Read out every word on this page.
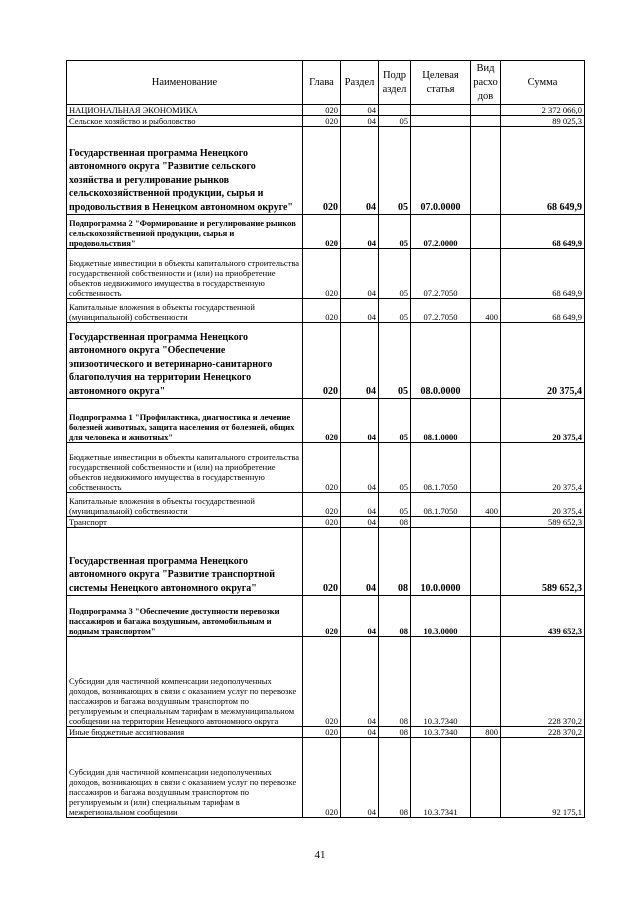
Наименование	Глава	Раздел	Подр аздел	Целевая статья	Вид расхо дов	Сумма
НАЦИОНАЛЬНАЯ ЭКОНОМИКА	020	04				2 372 066,0
Сельское хозяйство и рыболовство	020	04	05			89 025,3
Государственная программа Ненецкого автономного округа "Развитие сельского хозяйства и регулирование рынков сельскохозяйственной продукции, сырья и продовольствия в Ненецком автономном округе"	020	04	05	07.0.0000		68 649,9
Подпрограмма 2 "Формирование и регулирование рынков сельскохозяйственной продукции, сырья и продовольствия"	020	04	05	07.2.0000		68 649,9
Бюджетные инвестиции в объекты капитального строительства государственной собственности и (или) на приобретение объектов недвижимого имущества в государственную собственность	020	04	05	07.2.7050		68 649,9
Капитальные вложения в объекты государственной (муниципальной) собственности	020	04	05	07.2.7050	400	68 649,9
Государственная программа Ненецкого автономного округа "Обеспечение эпизоотического и ветеринарно-санитарного благополучия на территории Ненецкого автономного округа"	020	04	05	08.0.0000		20 375,4
Подпрограмма 1 "Профилактика, диагностика и лечение болезней животных, защита населения от болезней, общих для человека и животных"	020	04	05	08.1.0000		20 375,4
Бюджетные инвестиции в объекты капитального строительства государственной собственности и (или) на приобретение объектов недвижимого имущества в государственную собственность	020	04	05	08.1.7050		20 375,4
Капитальные вложения в объекты государственной (муниципальной) собственности	020	04	05	08.1.7050	400	20 375,4
Транспорт	020	04	08			589 652,3
Государственная программа Ненецкого автономного округа "Развитие транспортной системы Ненецкого автономного округа"	020	04	08	10.0.0000		589 652,3
Подпрограмма 3 "Обеспечение доступности перевозки пассажиров и багажа воздушным, автомобильным и водным транспортом"	020	04	08	10.3.0000		439 652,3
Субсидии для частичной компенсации недополученных доходов, возникающих в связи с оказанием услуг по перевозке пассажиров и багажа воздушным транспортом по регулируемым и специальным тарифам в межмуниципальном сообщении на территории Ненецкого автономного округа	020	04	08	10.3.7340		228 370,2
Иные бюджетные ассигнования	020	04	08	10.3.7340	800	228 370,2
Субсидии для частичной компенсации недополученных доходов, возникающих в связи с оказанием услуг по перевозке пассажиров и багажа воздушным транспортом по регулируемым и (или) специальным тарифам в межрегиональном сообщении	020	04	08	10.3.7341		92 175,1
41
